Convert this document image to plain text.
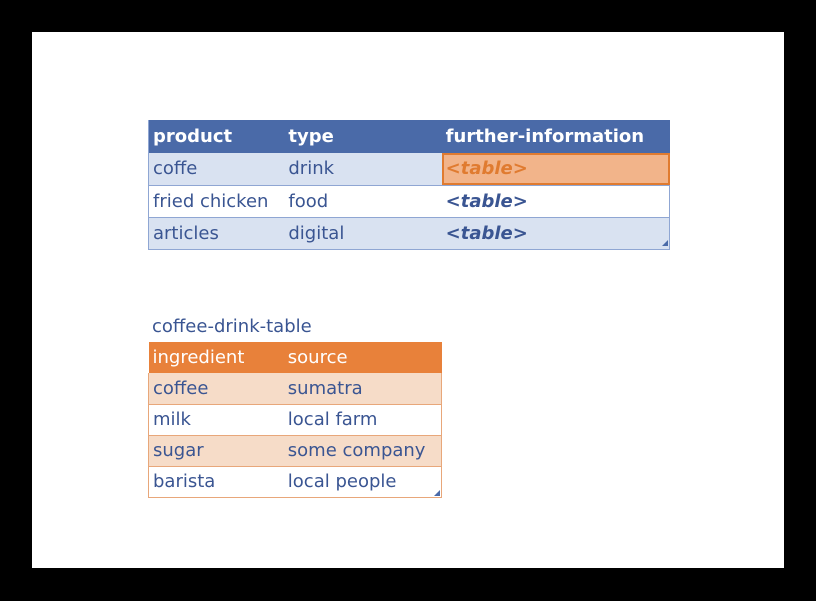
product	type	further-information
coffe	drink	<table>
fried chicken	food	<table>
articles	digital	<table>
coffee-drink-table
ingredient	source
coffee	sumatra
milk	local farm
sugar	some company
barista	local people
